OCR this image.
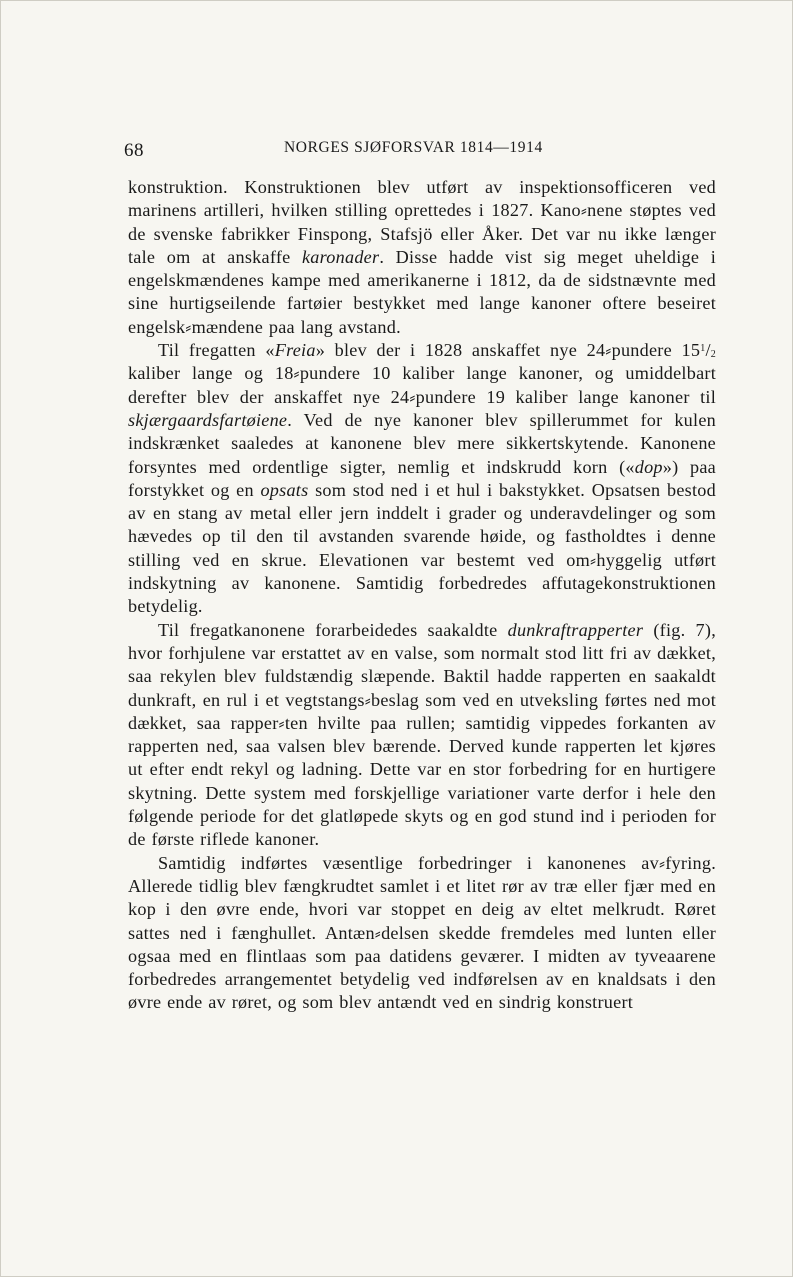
68	NORGES SJØFORSVAR 1814—1914

konstruktion. Konstruktionen blev utført av inspektionsofficeren ved marinens artilleri, hvilken stilling oprettedes i 1827. Kano⸗nene støptes ved de svenske fabrikker Finspong, Stafsjö eller Åker. Det var nu ikke længer tale om at anskaffe karonader. Disse hadde vist sig meget uheldige i engelskmændenes kampe med amerikanerne i 1812, da de sidstnævnte med sine hurtigseilende fartøier bestykket med lange kanoner oftere beseiret engelsk⸗mændene paa lang avstand.

Til fregatten «Freia» blev der i 1828 anskaffet nye 24⸗pundere $15^1/_2$ kaliber lange og 18⸗pundere 10 kaliber lange kanoner, og umiddelbart derefter blev der anskaffet nye 24⸗pundere 19 kaliber lange kanoner til skjærgaardsfartøiene. Ved de nye kanoner blev spillerummet for kulen indskrænket saaledes at kanonene blev mere sikkertskytende. Kanonene forsyntes med ordentlige sigter, nemlig et indskrudd korn («dop») paa forstykket og en opsats som stod ned i et hul i bakstykket. Opsatsen bestod av en stang av metal eller jern inddelt i grader og underavdelinger og som hævedes op til den til avstanden svarende høide, og fastholdtes i denne stilling ved en skrue. Elevationen var bestemt ved om⸗hyggelig utført indskytning av kanonene. Samtidig forbedredes affutagekonstruktionen betydelig.

Til fregatkanonene forarbeidedes saakaldte dunkraftrapperter (fig. 7), hvor forhjulene var erstattet av en valse, som normalt stod litt fri av dækket, saa rekylen blev fuldstændig slæpende. Baktil hadde rapperten en saakaldt dunkraft, en rul i et vegtstangs⸗beslag som ved en utveksling førtes ned mot dækket, saa rapper⸗ten hvilte paa rullen; samtidig vippedes forkanten av rapperten ned, saa valsen blev bærende. Derved kunde rapperten let kjøres ut efter endt rekyl og ladning. Dette var en stor forbedring for en hurtigere skytning. Dette system med forskjellige variationer varte derfor i hele den følgende periode for det glatløpede skyts og en god stund ind i perioden for de første riflede kanoner.

Samtidig indførtes væsentlige forbedringer i kanonenes av⸗fyring. Allerede tidlig blev fængkrudtet samlet i et litet rør av træ eller fjær med en kop i den øvre ende, hvori var stoppet en deig av eltet melkrudt. Røret sattes ned i fænghullet. Antæn⸗delsen skedde fremdeles med lunten eller ogsaa med en flintlaas som paa datidens geværer. I midten av tyveaarene forbedredes arrangementet betydelig ved indførelsen av en knaldsats i den øvre ende av røret, og som blev antændt ved en sindrig konstruert
